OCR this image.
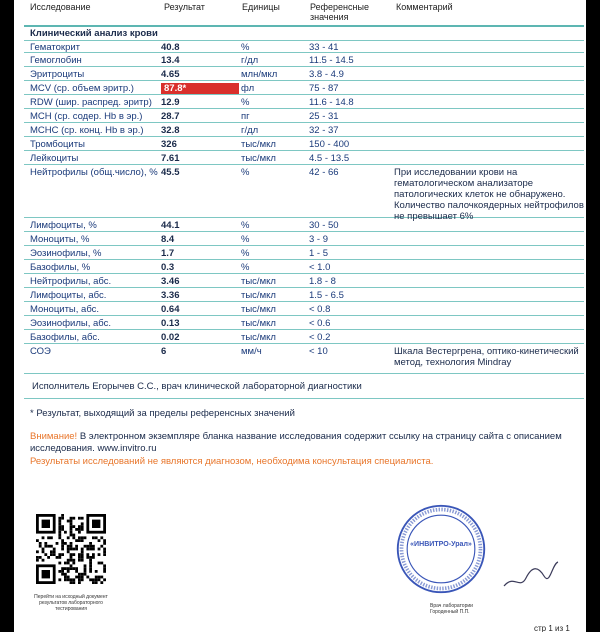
Исследование	Результат	Единицы	Референсные
значения
Комментарий
Клинический анализ крови
Гематокрит	40.8	%	33 - 41
Гемоглобин	13.4	г/дл	11.5 - 14.5
Эритроциты	4.65	млн/мкл	3.8 - 4.9
MCV (ср. объем эритр.)	87.8*	фл	75 - 87
RDW (шир. распред. эритр) 12.9	%	11.6 - 14.8
MCH (ср. содер. Hb в эр.)	28.7	пг	25 - 31
MCHC (ср. конц. Hb в эр.)	32.8	г/дл	32 - 37
Тромбоциты	326	тыс/мкл	150 - 400
Лейкоциты	7.61	тыс/мкл	4.5 - 13.5
Нейтрофилы (общ.число), % 45.5	%	42 - 66	При исследовании крови на гематологическом анализаторе патологических клеток не обнаружено. Количество палочкоядерных нейтрофилов не превышает 6%
Лимфоциты, %	44.1	%	30 - 50
Моноциты, %	8.4	%	3 - 9
Эозинофилы, %	1.7	%	1 - 5
Базофилы, %	0.3	%	< 1.0
Нейтрофилы, абс.	3.46	тыс/мкл	1.8 - 8
Лимфоциты, абс.	3.36	тыс/мкл	1.5 - 6.5
Моноциты, абс.	0.64	тыс/мкл	< 0.8
Эозинофилы, абс.	0.13	тыс/мкл	< 0.6
Базофилы, абс.	0.02	тыс/мкл	< 0.2
СОЭ	6	мм/ч	< 10	Шкала Вестергрена, оптико-кинетический метод, технология Mindray
Исполнитель Егорычев С.С., врач клинической лабораторной диагностики
* Результат, выходящий за пределы референсных значений
Внимание! В электронном экземпляре бланка название исследования содержит ссылку на страницу сайта с описанием исследования. www.invitro.ru
Результаты исследований не являются диагнозом, необходима консультация специалиста.
Перейти на исходный документ результатов лабораторного тестирования
«ИНВИТРО-Урал»
Врач лаборатории
Городенный П.П.
стр 1 из 1
